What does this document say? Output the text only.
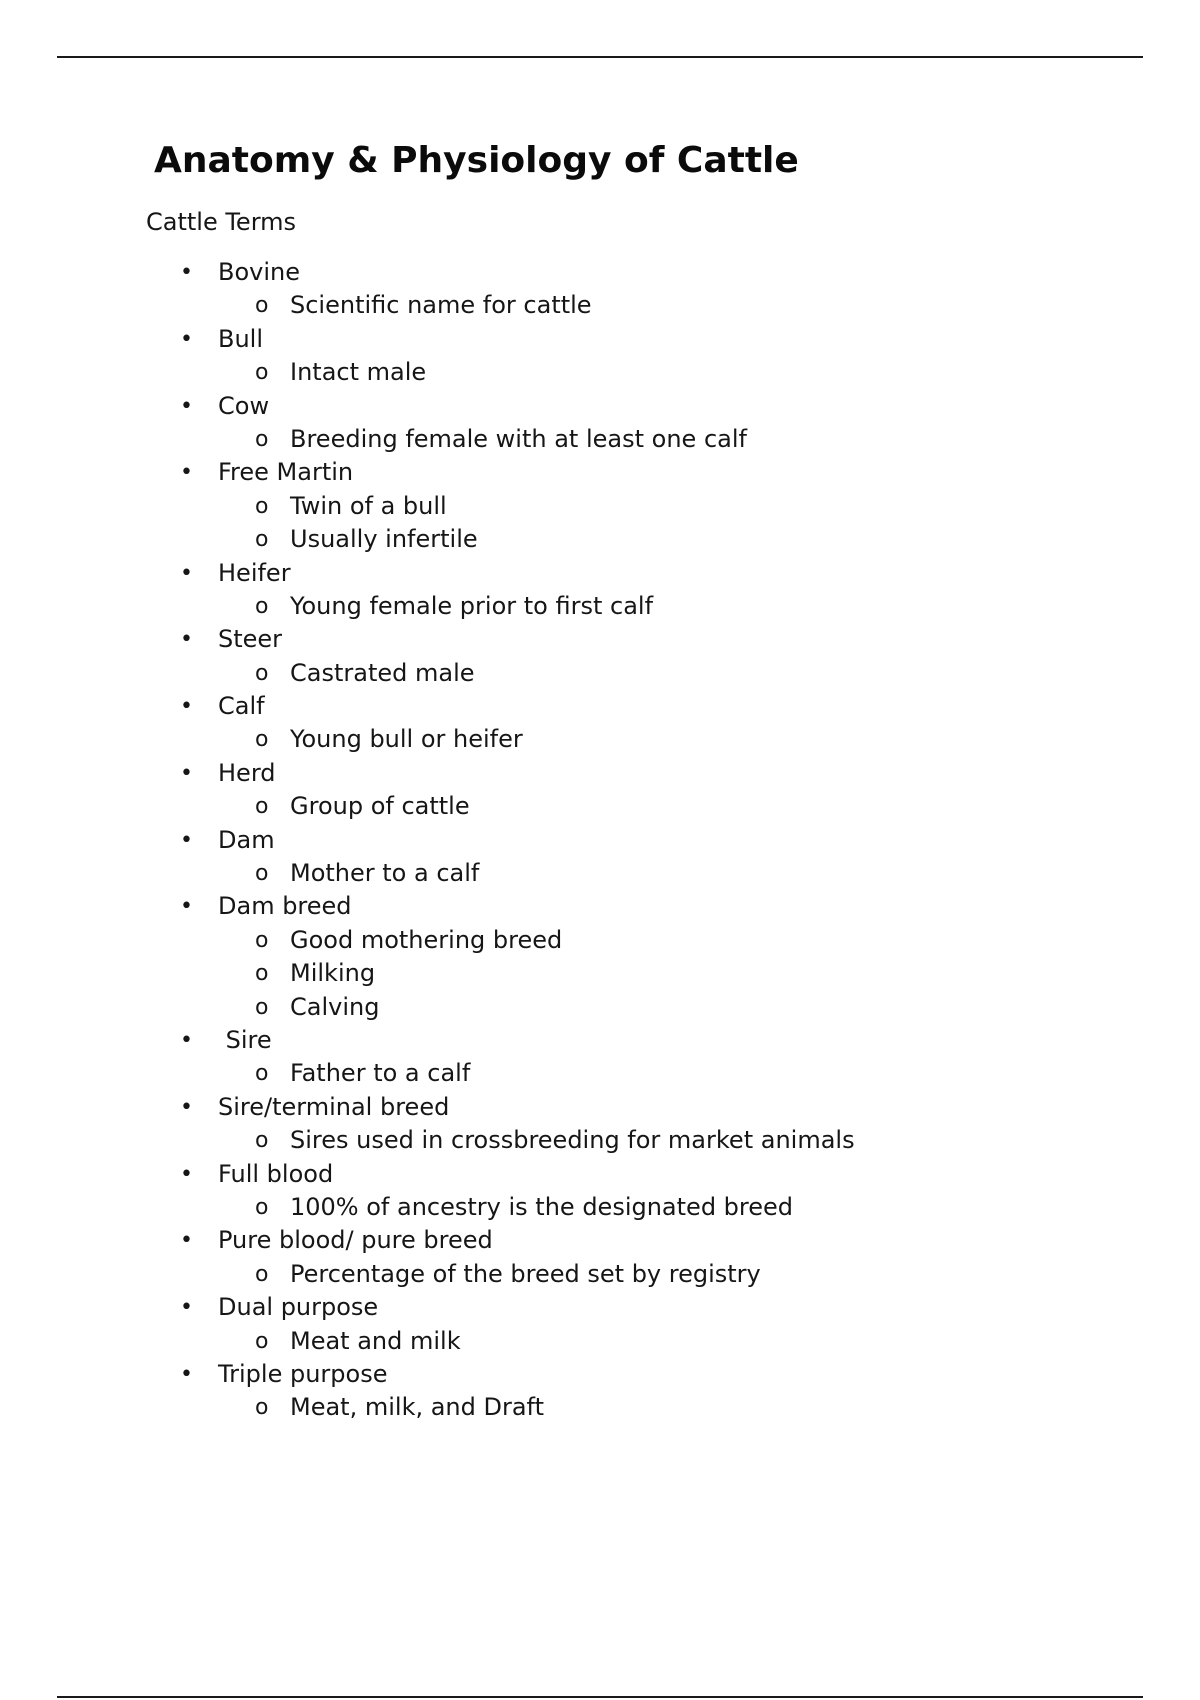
Anatomy & Physiology of Cattle
Cattle Terms
• Bovine
o Scientific name for cattle
• Bull
o Intact male
• Cow
o Breeding female with at least one calf
• Free Martin
o Twin of a bull
o Usually infertile
• Heifer
o Young female prior to first calf
• Steer
o Castrated male
• Calf
o Young bull or heifer
• Herd
o Group of cattle
• Dam
o Mother to a calf
• Dam breed
o Good mothering breed
o Milking
o Calving
• Sire
o Father to a calf
• Sire/terminal breed
o Sires used in crossbreeding for market animals
• Full blood
o 100% of ancestry is the designated breed
• Pure blood/ pure breed
o Percentage of the breed set by registry
• Dual purpose
o Meat and milk
• Triple purpose
o Meat, milk, and Draft
